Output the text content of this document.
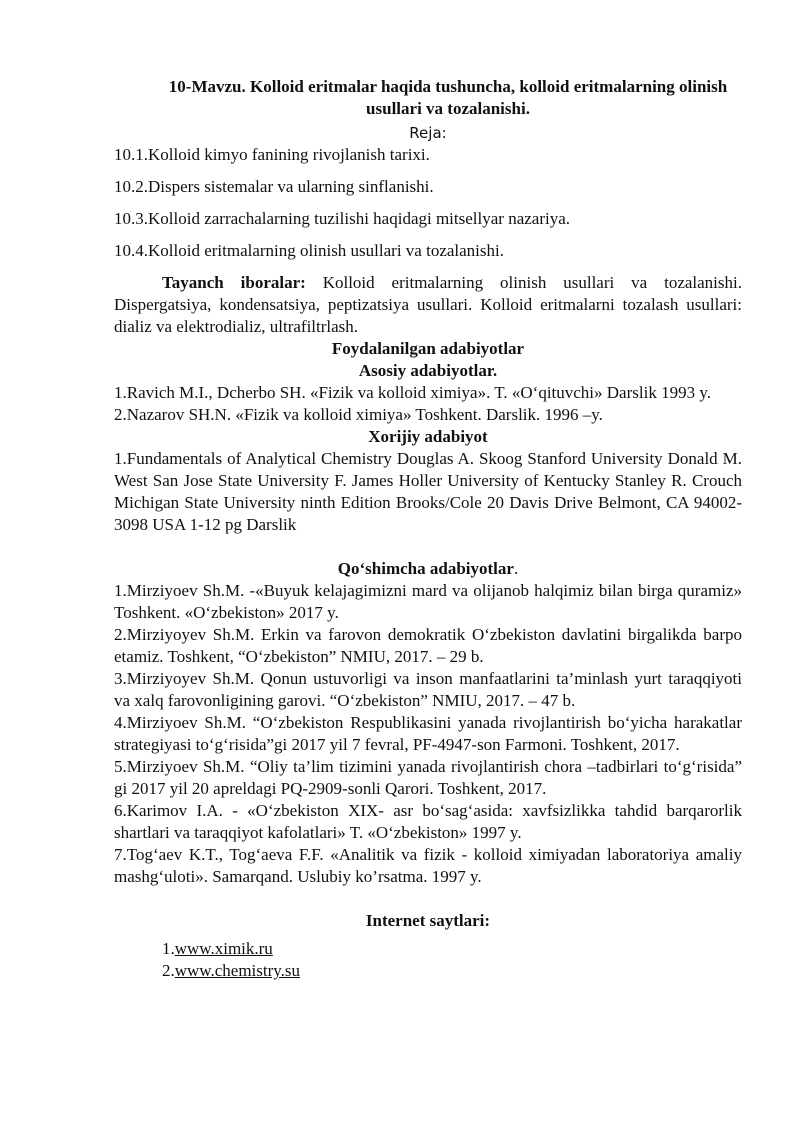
10-Mavzu. Kolloid eritmalar haqida tushuncha, kolloid eritmalarning olinish usullari va tozalanishi.

Reja:

10.1.Kolloid kimyo fanining rivojlanish tarixi.

10.2.Dispers sistemalar va ularning sinflanishi.

10.3.Kolloid zarrachalarning tuzilishi haqidagi mitsellyar nazariya.

10.4.Kolloid eritmalarning olinish usullari va tozalanishi.

Tayanch iboralar: Kolloid eritmalarning olinish usullari va tozalanishi. Dispergatsiya, kondensatsiya, peptizatsiya usullari. Kolloid eritmalarni tozalash usullari: dializ va elektrodializ, ultrafiltrlash.

Foydalanilgan adabiyotlar

Asosiy adabiyotlar.

1.Ravich M.I., Dcherbo SH. «Fizik va kolloid ximiya». T. «O‘qituvchi» Darslik 1993 y.

2.Nazarov SH.N. «Fizik va kolloid ximiya» Toshkent. Darslik. 1996 –y.

Xorijiy adabiyot

1.Fundamentals of Analytical Chemistry Douglas A. Skoog Stanford University Donald M. West San Jose State University F. James Holler University of Kentucky Stanley R. Crouch Michigan State University ninth Edition Brooks/Cole 20 Davis Drive Belmont, CA 94002-3098 USA 1-12 pg Darslik

Qo‘shimcha adabiyotlar.

1.Mirziyoev Sh.M. -«Buyuk kelajagimizni mard va olijanob halqimiz bilan birga quramiz» Toshkent. «O‘zbekiston» 2017 y.

2.Mirziyoyev Sh.M. Erkin va farovon demokratik O‘zbekiston davlatini birgalikda barpo etamiz. Toshkent, “O‘zbekiston” NMIU, 2017. – 29 b.

3.Mirziyoyev Sh.M. Qonun ustuvorligi va inson manfaatlarini ta’minlash yurt taraqqiyoti va xalq farovonligining garovi. “O‘zbekiston” NMIU, 2017. – 47 b.

4.Mirziyoev Sh.M. “O‘zbekiston Respublikasini yanada rivojlantirish bo‘yicha harakatlar strategiyasi to‘g‘risida”gi 2017 yil 7 fevral, PF-4947-son Farmoni. Toshkent, 2017.

5.Mirziyoev Sh.M. “Oliy ta’lim tizimini yanada rivojlantirish chora –tadbirlari to‘g‘risida” gi 2017 yil 20 apreldagi PQ-2909-sonli Qarori. Toshkent, 2017.

6.Karimov I.A. - «O‘zbekiston XIX- asr bo‘sag‘asida: xavfsizlikka tahdid barqarorlik shartlari va taraqqiyot kafolatlari» T. «O‘zbekiston» 1997 y.

7.Tog‘aev K.T., Tog‘aeva F.F. «Analitik va fizik - kolloid ximiyadan laboratoriya amaliy mashg‘uloti». Samarqand. Uslubiy ko’rsatma. 1997 y.

Internet saytlari:

1.www.ximik.ru

2.www.chemistry.su
